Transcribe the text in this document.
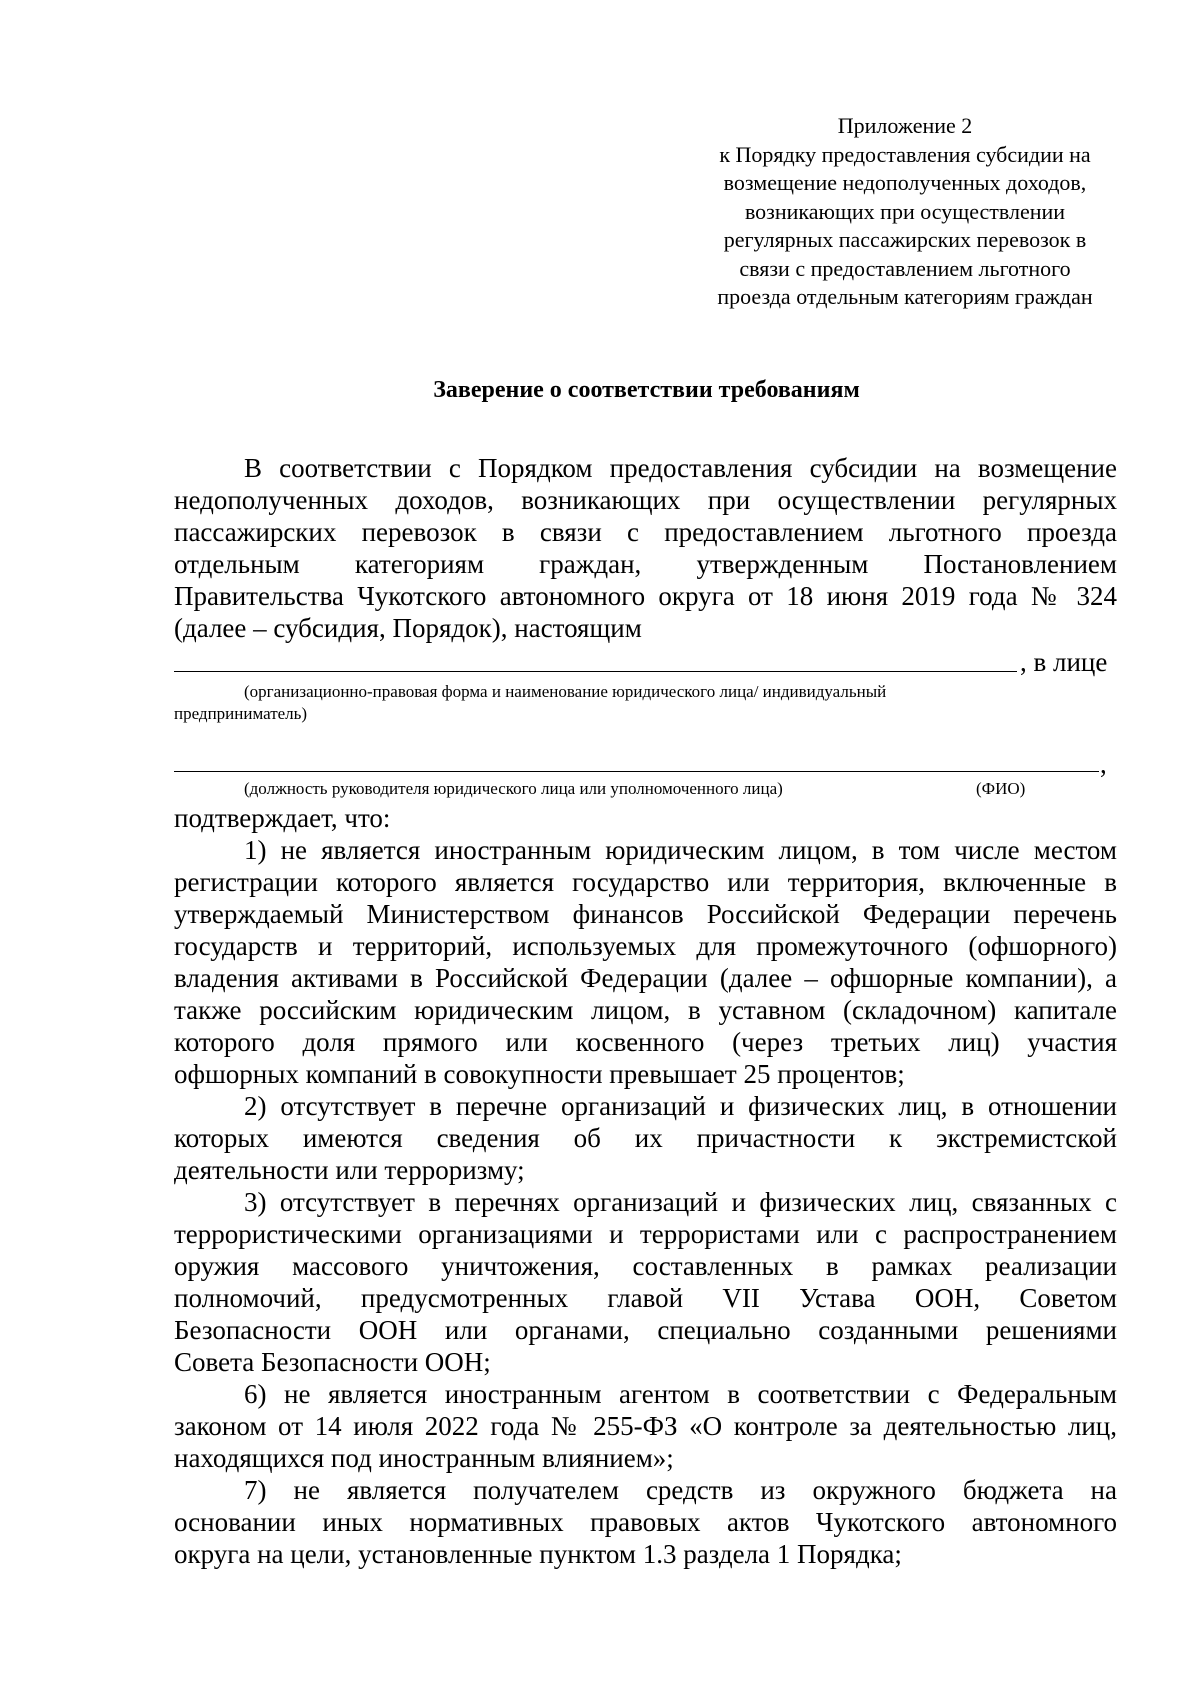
Приложение 2
к Порядку предоставления субсидии на
возмещение недополученных доходов,
возникающих при осуществлении
регулярных пассажирских перевозок в
связи с предоставлением льготного
проезда отдельным категориям граждан
Заверение о соответствии требованиям
В соответствии с Порядком предоставления субсидии на возмещение
недополученных доходов, возникающих при осуществлении регулярных
пассажирских перевозок в связи с предоставлением льготного проезда
отдельным категориям граждан, утвержденным Постановлением
Правительства Чукотского автономного округа от 18 июня 2019 года № 324
(далее – субсидия, Порядок), настоящим
, в лице
(организационно-правовая форма и наименование юридического лица/ индивидуальный
предприниматель)
,
(должность руководителя юридического лица или уполномоченного лица)	(ФИО)
подтверждает, что:
1) не является иностранным юридическим лицом, в том числе местом
регистрации которого является государство или территория, включенные в
утверждаемый Министерством финансов Российской Федерации перечень
государств и территорий, используемых для промежуточного (офшорного)
владения активами в Российской Федерации (далее – офшорные компании), а
также российским юридическим лицом, в уставном (складочном) капитале
которого доля прямого или косвенного (через третьих лиц) участия
офшорных компаний в совокупности превышает 25 процентов;
2) отсутствует в перечне организаций и физических лиц, в отношении
которых имеются сведения об их причастности к экстремистской
деятельности или терроризму;
3) отсутствует в перечнях организаций и физических лиц, связанных с
террористическими организациями и террористами или с распространением
оружия массового уничтожения, составленных в рамках реализации
полномочий, предусмотренных главой VII Устава ООН, Советом
Безопасности ООН или органами, специально созданными решениями
Совета Безопасности ООН;
6) не является иностранным агентом в соответствии с Федеральным
законом от 14 июля 2022 года № 255-ФЗ «О контроле за деятельностью лиц,
находящихся под иностранным влиянием»;
7) не является получателем средств из окружного бюджета на
основании иных нормативных правовых актов Чукотского автономного
округа на цели, установленные пунктом 1.3 раздела 1 Порядка;
